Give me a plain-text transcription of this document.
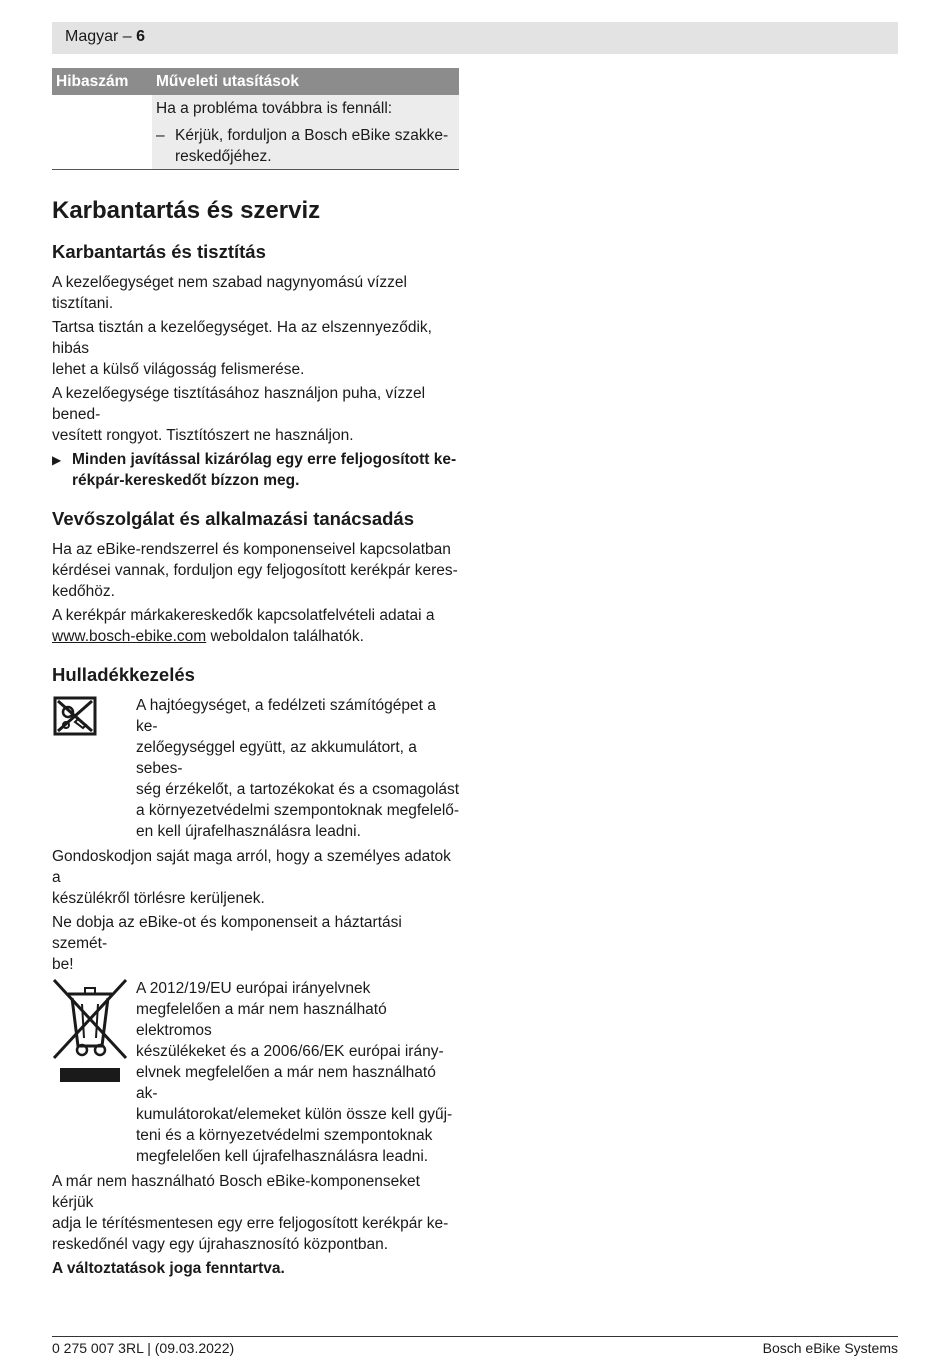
Magyar – 6
Hibaszám	Műveleti utasítások

	Ha a probléma továbbra is fennáll:

– Kérjük, forduljon a Bosch eBike szakke-
reskedőjéhez.
Karbantartás és szerviz
Karbantartás és tisztítás

A kezelőegységet nem szabad nagynyomású vízzel tisztítani.

Tartsa tisztán a kezelőegységet. Ha az elszennyeződik, hibás
lehet a külső világosság felismerése.

A kezelőegysége tisztításához használjon puha, vízzel bened-
vesített rongyot. Tisztítószert ne használjon.

▶ Minden javítással kizárólag egy erre feljogosított ke-
rékpár-kereskedőt bízzon meg.
Vevőszolgálat és alkalmazási tanácsadás

Ha az eBike-rendszerrel és komponenseivel kapcsolatban
kérdései vannak, forduljon egy feljogosított kerékpár keres-
kedőhöz.

A kerékpár márkakereskedők kapcsolatfelvételi adatai a
www.bosch-ebike.com weboldalon találhatók.

Hulladékkezelés
A hajtóegységet, a fedélzeti számítógépet a ke-
zelőegységgel együtt, az akkumulátort, a sebes-
ség érzékelőt, a tartozékokat és a csomagolást
a környezetvédelmi szempontoknak megfelelő-
en kell újrafelhasználásra leadni.

Gondoskodjon saját maga arról, hogy a személyes adatok a
készülékről törlésre kerüljenek.

Ne dobja az eBike-ot és komponenseit a háztartási szemét-
be!

A 2012/19/EU európai irányelvnek
megfelelően a már nem használható elektromos
készülékeket és a 2006/66/EK európai irány-
elvnek megfelelően a már nem használható ak-
kumulátorokat/elemeket külön össze kell gyűj-
teni és a környezetvédelmi szempontoknak
megfelelően kell újrafelhasználásra leadni.

A már nem használható Bosch eBike-komponenseket kérjük
adja le térítésmentesen egy erre feljogosított kerékpár ke-
reskedőnél vagy egy újrahasznosító központban.

A változtatások joga fenntartva.

0 275 007 3RL | (09.03.2022)	Bosch eBike Systems
